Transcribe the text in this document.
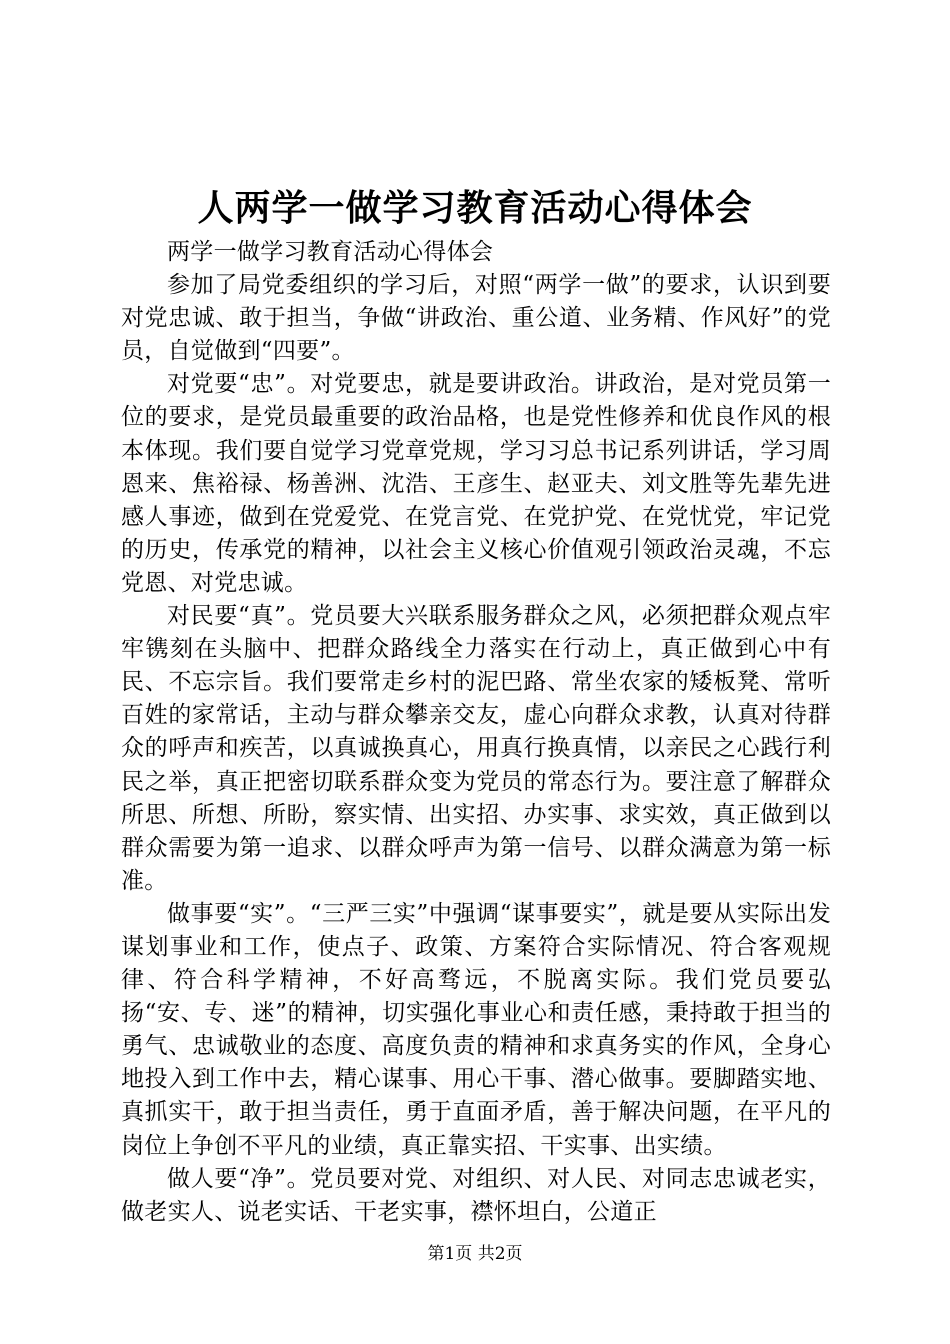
人两学一做学习教育活动心得体会

两学一做学习教育活动心得体会

参加了局党委组织的学习后，对照“两学一做”的要求，认识到要对党忠诚、敢于担当，争做“讲政治、重公道、业务精、作风好”的党员，自觉做到“四要”。

对党要“忠”。对党要忠，就是要讲政治。讲政治，是对党员第一位的要求，是党员最重要的政治品格，也是党性修养和优良作风的根本体现。我们要自觉学习党章党规，学习习总书记系列讲话，学习周恩来、焦裕禄、杨善洲、沈浩、王彦生、赵亚夫、刘文胜等先辈先进感人事迹，做到在党爱党、在党言党、在党护党、在党忧党，牢记党的历史，传承党的精神，以社会主义核心价值观引领政治灵魂，不忘党恩、对党忠诚。

对民要“真”。党员要大兴联系服务群众之风，必须把群众观点牢牢镌刻在头脑中、把群众路线全力落实在行动上，真正做到心中有民、不忘宗旨。我们要常走乡村的泥巴路、常坐农家的矮板凳、常听百姓的家常话，主动与群众攀亲交友，虚心向群众求教，认真对待群众的呼声和疾苦，以真诚换真心，用真行换真情，以亲民之心践行利民之举，真正把密切联系群众变为党员的常态行为。要注意了解群众所思、所想、所盼，察实情、出实招、办实事、求实效，真正做到以群众需要为第一追求、以群众呼声为第一信号、以群众满意为第一标准。

做事要“实”。“三严三实”中强调“谋事要实”，就是要从实际出发谋划事业和工作，使点子、政策、方案符合实际情况、符合客观规律、符合科学精神，不好高骛远，不脱离实际。我们党员要弘扬“安、专、迷”的精神，切实强化事业心和责任感，秉持敢于担当的勇气、忠诚敬业的态度、高度负责的精神和求真务实的作风，全身心地投入到工作中去，精心谋事、用心干事、潜心做事。要脚踏实地、真抓实干，敢于担当责任，勇于直面矛盾，善于解决问题，在平凡的岗位上争创不平凡的业绩，真正靠实招、干实事、出实绩。

做人要“净”。党员要对党、对组织、对人民、对同志忠诚老实，做老实人、说老实话、干老实事，襟怀坦白，公道正

第1页 共2页
